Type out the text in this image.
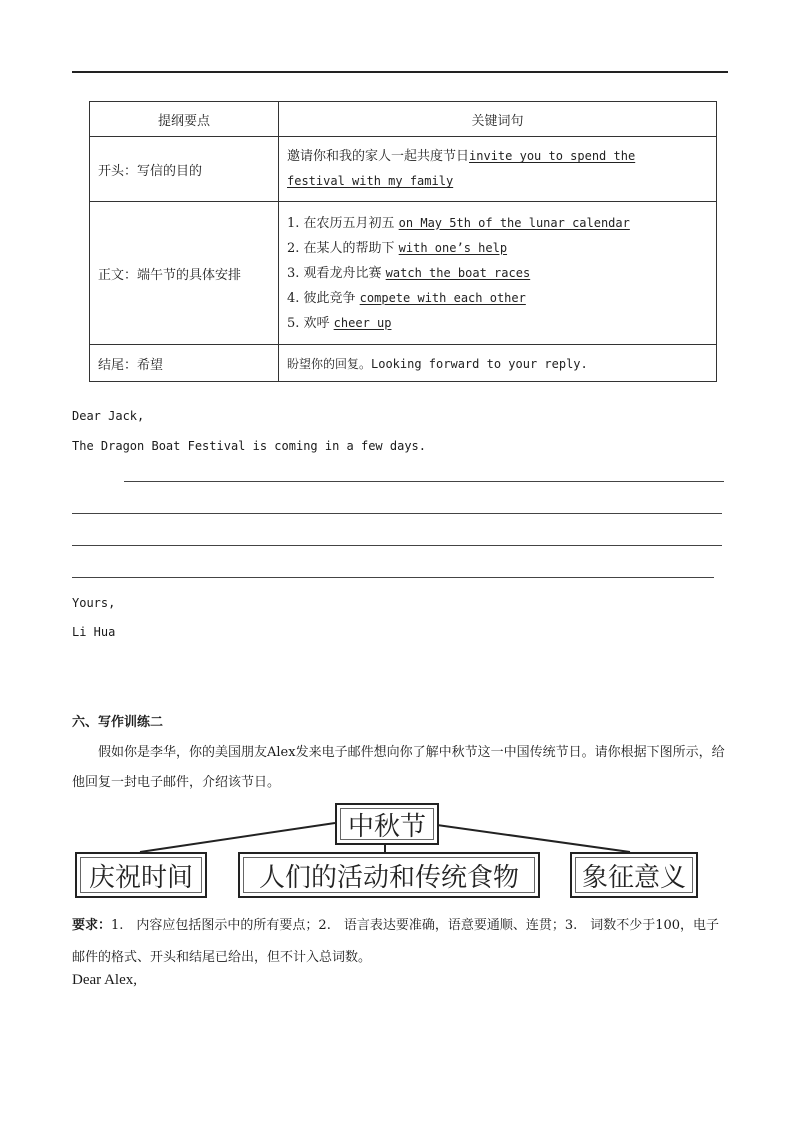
提纲要点	关键词句
开头：写信的目的	邀请你和我的家人一起共度节日invite you to spend the
festival with my family

正文：端午节的具体安排	1. 在农历五月初五 on May 5th of the lunar calendar
2. 在某人的帮助下 with one’s help
3. 观看龙舟比赛 watch the boat races
4. 彼此竞争 compete with each other
5. 欢呼 cheer up

结尾：希望	盼望你的回复。Looking forward to your reply.
Dear Jack,
The Dragon Boat Festival is coming in a few days.
Yours,
Li Hua
六、写作训练二
假如你是李华，你的美国朋友Alex发来电子邮件想向你了解中秋节这一中国传统节日。请你根据下图所示，给他回复一封电子邮件，介绍该节日。
中秋节
庆祝时间	人们的活动和传统食物	象征意义
要求：1.　内容应包括图示中的所有要点；2.　语言表达要准确，语意要通顺、连贯；3.　词数不少于100，电子邮件的格式、开头和结尾已给出，但不计入总词数。
Dear Alex,
